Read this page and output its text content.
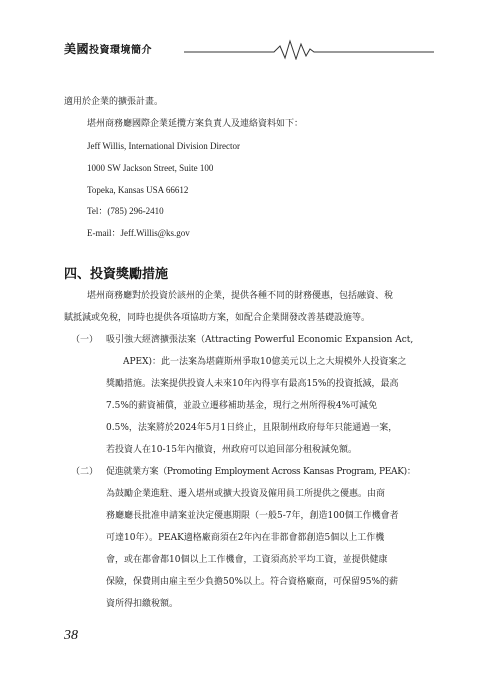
美國投資環境簡介
適用於企業的擴張計畫。
堪州商務廳國際企業延攬方案負責人及連絡資料如下：
Jeff Willis, International Division Director
1000 SW Jackson Street, Suite 100
Topeka, Kansas USA 66612
Tel：(785) 296-2410
E-mail：Jeff.Willis@ks.gov
四、投資獎勵措施
堪州商務廳對於投資於該州的企業，提供各種不同的財務優惠，包括融資、稅
賦抵減或免稅，同時也提供各項協助方案，如配合企業開發改善基礎設施等。
（一） 吸引強大經濟擴張法案（Attracting Powerful Economic Expansion Act,
APEX)：此一法案為堪薩斯州爭取10億美元以上之大規模外人投資案之
獎勵措施。法案提供投資人未來10年內得享有最高15%的投資抵減，最高
7.5%的薪資補償，並設立遷移補助基金，現行之州所得稅4%可減免
0.5%，法案將於2024年5月1日終止，且限制州政府每年只能通過一案，
若投資人在10-15年內撤資，州政府可以追回部分租稅減免額。
（二） 促進就業方案（Promoting Employment Across Kansas Program, PEAK)：
為鼓勵企業進駐、遷入堪州或擴大投資及僱用員工所提供之優惠。由商
務廳廳長批准申請案並決定優惠期限（一般5-7年，創造100個工作機會者
可達10年）。PEAK適格廠商須在2年內在非都會都創造5個以上工作機
會，或在都會都10個以上工作機會，工資須高於平均工資，並提供健康
保險，保費則由雇主至少負擔50%以上。符合資格廠商，可保留95%的薪
資所得扣繳稅額。
38
